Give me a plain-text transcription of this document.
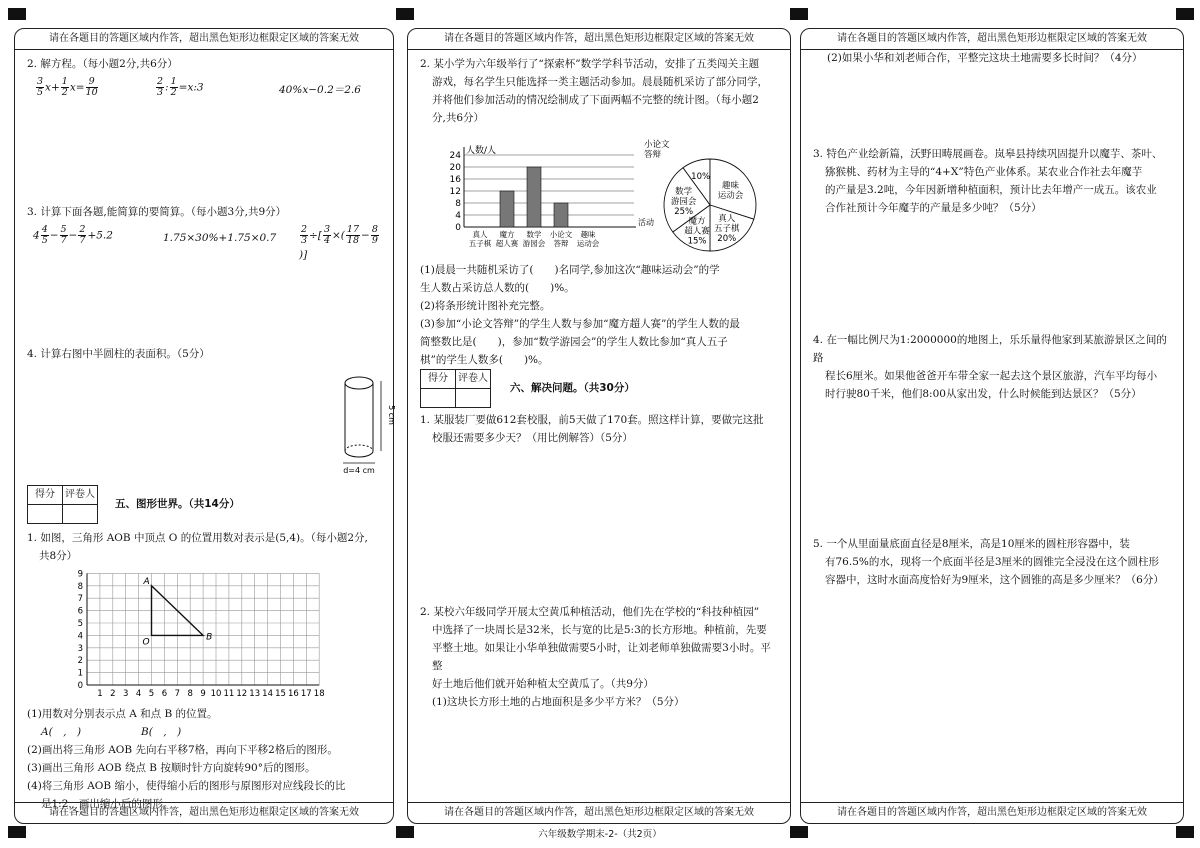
请在各题目的答题区域内作答，超出黑色矩形边框限定区域的答案无效

2. 解方程。（每小题2分,共6分）

$\frac{3}{5} x+ \frac{1}{2} x= \frac{9}{10}$	$\frac{2}{3}$ : $\frac{1}{2}$ =x:3	40%x−0.2＝2.6

3. 计算下面各题,能简算的要简算。（每小题3分,共9分）

$4 \frac{4}{5} - \frac{5}{7} - \frac{2}{7} +5.2$	1.75×30%+1.75×0.7	$\frac{2}{3}$ ÷[ $\frac{3}{4}$ ×( $\frac{17}{18} - \frac{8}{9}$
)]

4. 计算右图中半圆柱的表面积。（5分）

5 cm
d=4 cm
得分	评卷人

五、图形世界。（共14分）

1. 如图，三角形 AOB 中顶点 O 的位置用数对表示是(5,4)。（每小题2分,

共8分）

1 2 3 4 5 6 7 8 9 10 11 12 13 14 15 16 17 18
1
2
3
4
5
6
7
8
9
0
A
O	B

(1)用数对分别表示点 A 和点 B 的位置。

A(　,　)	B(　,　)

(2)画出将三角形 AOB 先向右平移7格，再向下平移2格后的图形。

(3)画出三角形 AOB 绕点 B 按顺时针方向旋转90°后的图形。

(4)将三角形 AOB 缩小，使得缩小后的图形与原图形对应线段长的比

是1:2，画出缩小后的图形。

请在各题目的答题区域内作答，超出黑色矩形边框限定区域的答案无效
请在各题目的答题区域内作答，超出黑色矩形边框限定区域的答案无效

2. 某小学为六年级举行了“探索杯”数学学科节活动，安排了五类闯关主题

游戏，每名学生只能选择一类主题活动参加。晨晨随机采访了部分同学，

并将他们参加活动的情况绘制成了下面两幅不完整的统计图。（每小题2

分,共6分）

0
4
8
12
16
20
24 人数/人
活动
真人
五子棋
魔方
超人赛
数学
游园会
小论文
答辩
趣味
运动会
小论文
答辩
10%
趣味
运动会
真人
五子棋
20%
魔方
超人赛
15%
数学
游园会
25%

(1)晨晨一共随机采访了(　　)名同学,参加这次“趣味运动会”的学

生人数占采访总人数的(　　)%。

(2)将条形统计图补充完整。

(3)参加“小论文答辩”的学生人数与参加“魔方超人赛”的学生人数的最

简整数比是(　　)，参加“数学游园会”的学生人数比参加“真人五子

棋”的学生人数多(　　)%。

得分	评卷人

六、解决问题。（共30分）

1. 某服装厂要做612套校服，前5天做了170套。照这样计算，要做完这批

校服还需要多少天？（用比例解答）（5分）

2. 某校六年级同学开展太空黄瓜种植活动，他们先在学校的“科技种植园”

中选择了一块周长是32米，长与宽的比是5:3的长方形地。种植前，先要

平整土地。如果让小华单独做需要5小时，让刘老师单独做需要3小时。平整

好土地后他们就开始种植太空黄瓜了。（共9分）

(1)这块长方形土地的占地面积是多少平方米？（5分）

请在各题目的答题区域内作答，超出黑色矩形边框限定区域的答案无效
请在各题目的答题区域内作答，超出黑色矩形边框限定区域的答案无效

(2)如果小华和刘老师合作，平整完这块土地需要多长时间？（4分）

3. 特色产业绘新篇，沃野田畴展画卷。岚皋县持续巩固提升以魔芋、茶叶、

猕猴桃、药材为主导的“4+X”特色产业体系。某农业合作社去年魔芋

的产量是3.2吨，今年因新增种植面积，预计比去年增产一成五。该农业

合作社预计今年魔芋的产量是多少吨？（5分）

4. 在一幅比例尺为1:2000000的地图上，乐乐量得他家到某旅游景区之间的路

程长6厘米。如果他爸爸开车带全家一起去这个景区旅游，汽车平均每小

时行驶80千米，他们8:00从家出发，什么时候能到达景区？（5分）

5. 一个从里面量底面直径是8厘米，高是10厘米的圆柱形容器中，装

有76.5%的水，现将一个底面半径是3厘米的圆锥完全浸没在这个圆柱形

容器中，这时水面高度恰好为9厘米，这个圆锥的高是多少厘米？（6分）

请在各题目的答题区域内作答，超出黑色矩形边框限定区域的答案无效
六年级数学期末-2-（共2页）
